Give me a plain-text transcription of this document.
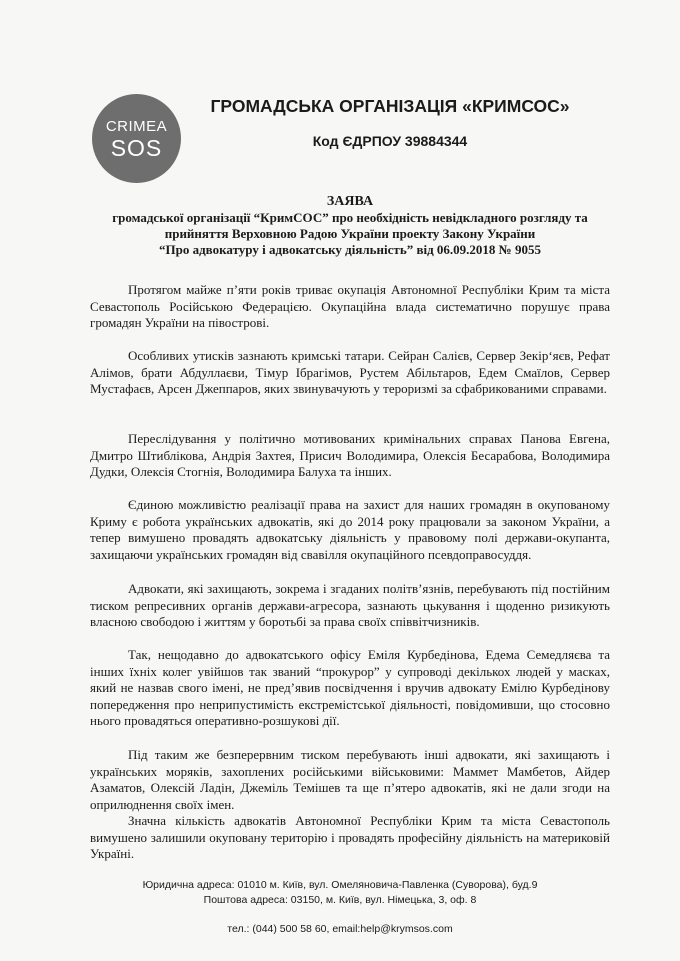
CRIMEA
SOS
ГРОМАДСЬКА ОРГАНІЗАЦІЯ «КРИМСОС»
Код ЄДРПОУ 39884344
ЗАЯВА
громадської організації “КримСОС” про необхідність невідкладного розгляду та
прийняття Верховною Радою України проекту Закону України
“Про адвокатуру і адвокатську діяльність” від 06.09.2018 № 9055

Протягом майже п’яти років триває окупація Автономної Республіки Крим та міста Севастополь Російською Федерацією. Окупаційна влада систематично порушує права громадян України на півострові.

Особливих утисків зазнають кримські татари. Сейран Салієв, Сервер Зекір‘яєв, Рефат Алімов, брати Абдуллаєви, Тімур Ібрагімов, Рустем Абільтаров, Едем Смаїлов, Сервер Мустафаєв, Арсен Джеппаров, яких звинувачують у тероризмі за сфабрикованими справами.

Переслідування у політично мотивованих кримінальних справах Панова Евгена, Дмитро Штиблікова, Андрія Захтея, Присич Володимира, Олексія Бесарабова, Володимира Дудки, Олексія Стогнія, Володимира Балуха та інших.

Єдиною можливістю реалізації права на захист для наших громадян в окупованому Криму є робота українських адвокатів, які до 2014 року працювали за законом України, а тепер вимушено провадять адвокатську діяльність у правовому полі держави-окупанта, захищаючи українських громадян від свавілля окупаційного псевдоправосуддя.

Адвокати, які захищають, зокрема і згаданих політв’язнів, перебувають під постійним тиском репресивних органів держави-агресора, зазнають цькування і щоденно ризикують власною свободою і життям у боротьбі за права своїх співвітчизників.

Так, нещодавно до адвокатського офісу Еміля Курбедінова, Едема Семедляєва та інших їхніх колег увійшов так званий “прокурор” у супроводі декількох людей у масках, який не назвав свого імені, не пред’явив посвідчення і вручив адвокату Емілю Курбедінову попередження про неприпустимість екстремістської діяльності, повідомивши, що стосовно нього провадяться оперативно-розшукові дії.

Під таким же безперервним тиском перебувають інші адвокати, які захищають і українських моряків, захоплених російськими військовими: Маммет Мамбетов, Айдер Азаматов, Олексій Ладін, Джеміль Темішев та ще п’ятеро адвокатів, які не дали згоди на оприлюднення своїх імен.

Значна кількість адвокатів Автономної Республіки Крим та міста Севастополь вимушено залишили окуповану територію і провадять професійну діяльність на материковій Україні.

Юридична адреса: 01010 м. Київ, вул. Омеляновича-Павленка (Суворова), буд.9
Поштова адреса: 03150, м. Київ, вул. Німецька, 3, оф. 8
тел.: (044) 500 58 60, email:help@krymsos.com
